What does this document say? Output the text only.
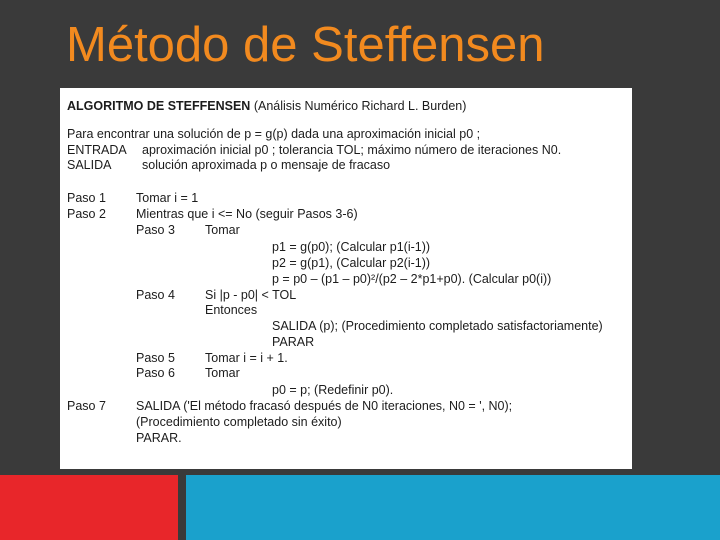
Método de Steffensen

ALGORITMO DE STEFFENSEN (Análisis Numérico Richard L. Burden)

Para encontrar una solución de p = g(p) dada una aproximación inicial p0 ;

ENTRADA aproximación inicial p0 ; tolerancia TOL; máximo número de iteraciones N0.

SALIDA solución aproximada p o mensaje de fracaso

Paso 1 Tomar i = 1

Paso 2 Mientras que i <= No (seguir Pasos 3-6)

Paso 3 Tomar

p1 = g(p0); (Calcular p1(i-1))

p2 = g(p1), (Calcular p2(i-1))

p = p0 – (p1 – p0)²/(p2 – 2*p1+p0). (Calcular p0(i))

Paso 4 Si |p - p0| < TOL

Entonces

SALIDA (p); (Procedimiento completado satisfactoriamente)

PARAR

Paso 5 Tomar i = i + 1.

Paso 6 Tomar

p0 = p; (Redefinir p0).

Paso 7 SALIDA ('El método fracasó después de N0 iteraciones, N0 = ', N0);

(Procedimiento completado sin éxito)

PARAR.
